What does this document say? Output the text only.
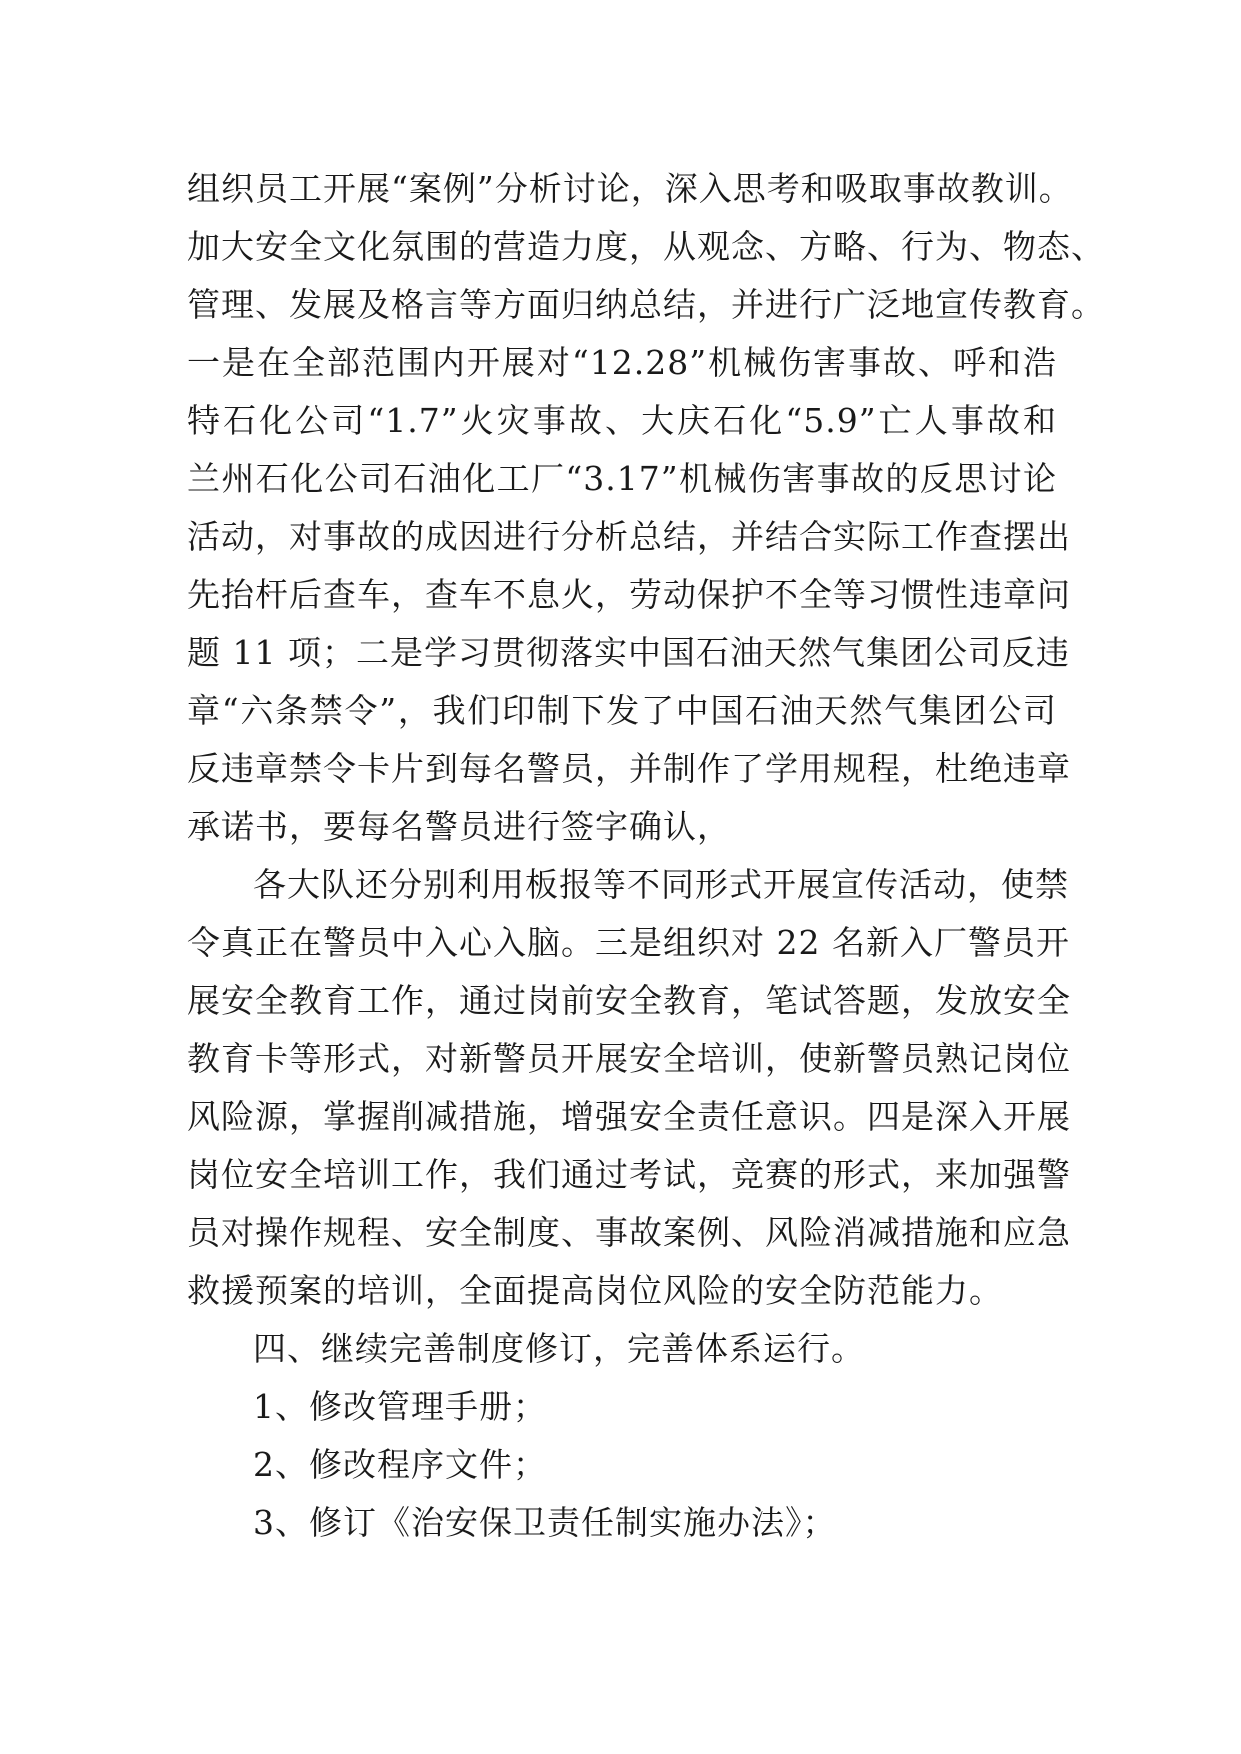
组织员工开展“案例”分析讨论，深入思考和吸取事故教训。
加大安全文化氛围的营造力度，从观念、方略、行为、物态、
管理、发展及格言等方面归纳总结，并进行广泛地宣传教育。
一是在全部范围内开展对“12.28”机械伤害事故、呼和浩
特石化公司“1.7”火灾事故、大庆石化“5.9”亡人事故和
兰州石化公司石油化工厂“3.17”机械伤害事故的反思讨论
活动，对事故的成因进行分析总结，并结合实际工作查摆出
先抬杆后查车，查车不息火，劳动保护不全等习惯性违章问
题 11 项；二是学习贯彻落实中国石油天然气集团公司反违
章“六条禁令”，我们印制下发了中国石油天然气集团公司
反违章禁令卡片到每名警员，并制作了学用规程，杜绝违章
承诺书，要每名警员进行签字确认，
各大队还分别利用板报等不同形式开展宣传活动，使禁
令真正在警员中入心入脑。三是组织对 22 名新入厂警员开
展安全教育工作，通过岗前安全教育，笔试答题，发放安全
教育卡等形式，对新警员开展安全培训，使新警员熟记岗位
风险源，掌握削减措施，增强安全责任意识。四是深入开展
岗位安全培训工作，我们通过考试，竞赛的形式，来加强警
员对操作规程、安全制度、事故案例、风险消减措施和应急
救援预案的培训，全面提高岗位风险的安全防范能力。
四、继续完善制度修订，完善体系运行。
1、修改管理手册；
2、修改程序文件；
3、修订《治安保卫责任制实施办法》；
